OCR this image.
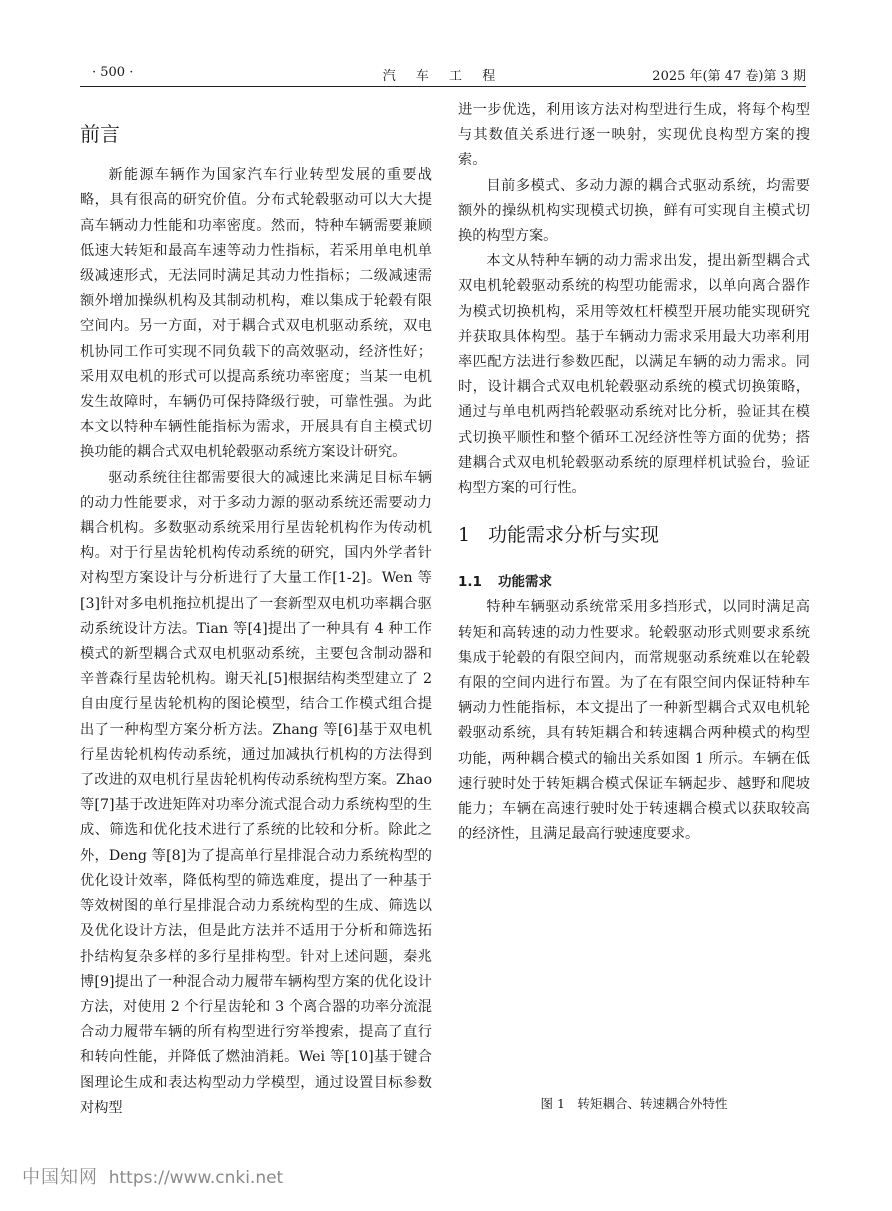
· 500 ·	汽 车 工 程	2025 年(第 47 卷)第 3 期
前言

新能源车辆作为国家汽车行业转型发展的重要战略，具有很高的研究价值。分布式轮毂驱动可以大大提高车辆动力性能和功率密度。然而，特种车辆需要兼顾低速大转矩和最高车速等动力性指标，若采用单电机单级减速形式，无法同时满足其动力性指标；二级减速需额外增加操纵机构及其制动机构，难以集成于轮毂有限空间内。另一方面，对于耦合式双电机驱动系统，双电机协同工作可实现不同负载下的高效驱动，经济性好；采用双电机的形式可以提高系统功率密度；当某一电机发生故障时，车辆仍可保持降级行驶，可靠性强。为此本文以特种车辆性能指标为需求，开展具有自主模式切换功能的耦合式双电机轮毂驱动系统方案设计研究。

驱动系统往往都需要很大的减速比来满足目标车辆的动力性能要求，对于多动力源的驱动系统还需要动力耦合机构。多数驱动系统采用行星齿轮机构作为传动机构。对于行星齿轮机构传动系统的研究，国内外学者针对构型方案设计与分析进行了大量工作[1-2]。Wen 等[3]针对多电机拖拉机提出了一套新型双电机功率耦合驱动系统设计方法。Tian 等[4]提出了一种具有 4 种工作模式的新型耦合式双电机驱动系统，主要包含制动器和辛普森行星齿轮机构。谢天礼[5]根据结构类型建立了 2 自由度行星齿轮机构的图论模型，结合工作模式组合提出了一种构型方案分析方法。Zhang 等[6]基于双电机行星齿轮机构传动系统，通过加减执行机构的方法得到了改进的双电机行星齿轮机构传动系统构型方案。Zhao 等[7]基于改进矩阵对功率分流式混合动力系统构型的生成、筛选和优化技术进行了系统的比较和分析。除此之外，Deng 等[8]为了提高单行星排混合动力系统构型的优化设计效率，降低构型的筛选难度，提出了一种基于等效树图的单行星排混合动力系统构型的生成、筛选以及优化设计方法，但是此方法并不适用于分析和筛选拓扑结构复杂多样的多行星排构型。针对上述问题，秦兆博[9]提出了一种混合动力履带车辆构型方案的优化设计方法，对使用 2 个行星齿轮和 3 个离合器的功率分流混合动力履带车辆的所有构型进行穷举搜索，提高了直行和转向性能，并降低了燃油消耗。Wei 等[10]基于键合图理论生成和表达构型动力学模型，通过设置目标参数对构型

进一步优选，利用该方法对构型进行生成，将每个构型与其数值关系进行逐一映射，实现优良构型方案的搜索。

目前多模式、多动力源的耦合式驱动系统，均需要额外的操纵机构实现模式切换，鲜有可实现自主模式切换的构型方案。

本文从特种车辆的动力需求出发，提出新型耦合式双电机轮毂驱动系统的构型功能需求，以单向离合器作为模式切换机构，采用等效杠杆模型开展功能实现研究并获取具体构型。基于车辆动力需求采用最大功率利用率匹配方法进行参数匹配，以满足车辆的动力需求。同时，设计耦合式双电机轮毂驱动系统的模式切换策略，通过与单电机两挡轮毂驱动系统对比分析，验证其在模式切换平顺性和整个循环工况经济性等方面的优势；搭建耦合式双电机轮毂驱动系统的原理样机试验台，验证构型方案的可行性。

1 功能需求分析与实现
1.1 功能需求

特种车辆驱动系统常采用多挡形式，以同时满足高转矩和高转速的动力性要求。轮毂驱动形式则要求系统集成于轮毂的有限空间内，而常规驱动系统难以在轮毂有限的空间内进行布置。为了在有限空间内保证特种车辆动力性能指标，本文提出了一种新型耦合式双电机轮毂驱动系统，具有转矩耦合和转速耦合两种模式的构型功能，两种耦合模式的输出关系如图 1 所示。车辆在低速行驶时处于转矩耦合模式保证车辆起步、越野和爬坡能力；车辆在高速行驶时处于转速耦合模式以获取较高的经济性，且满足最高行驶速度要求。

图 1　转矩耦合、转速耦合外特性
中国知网 https://www.cnki.net
